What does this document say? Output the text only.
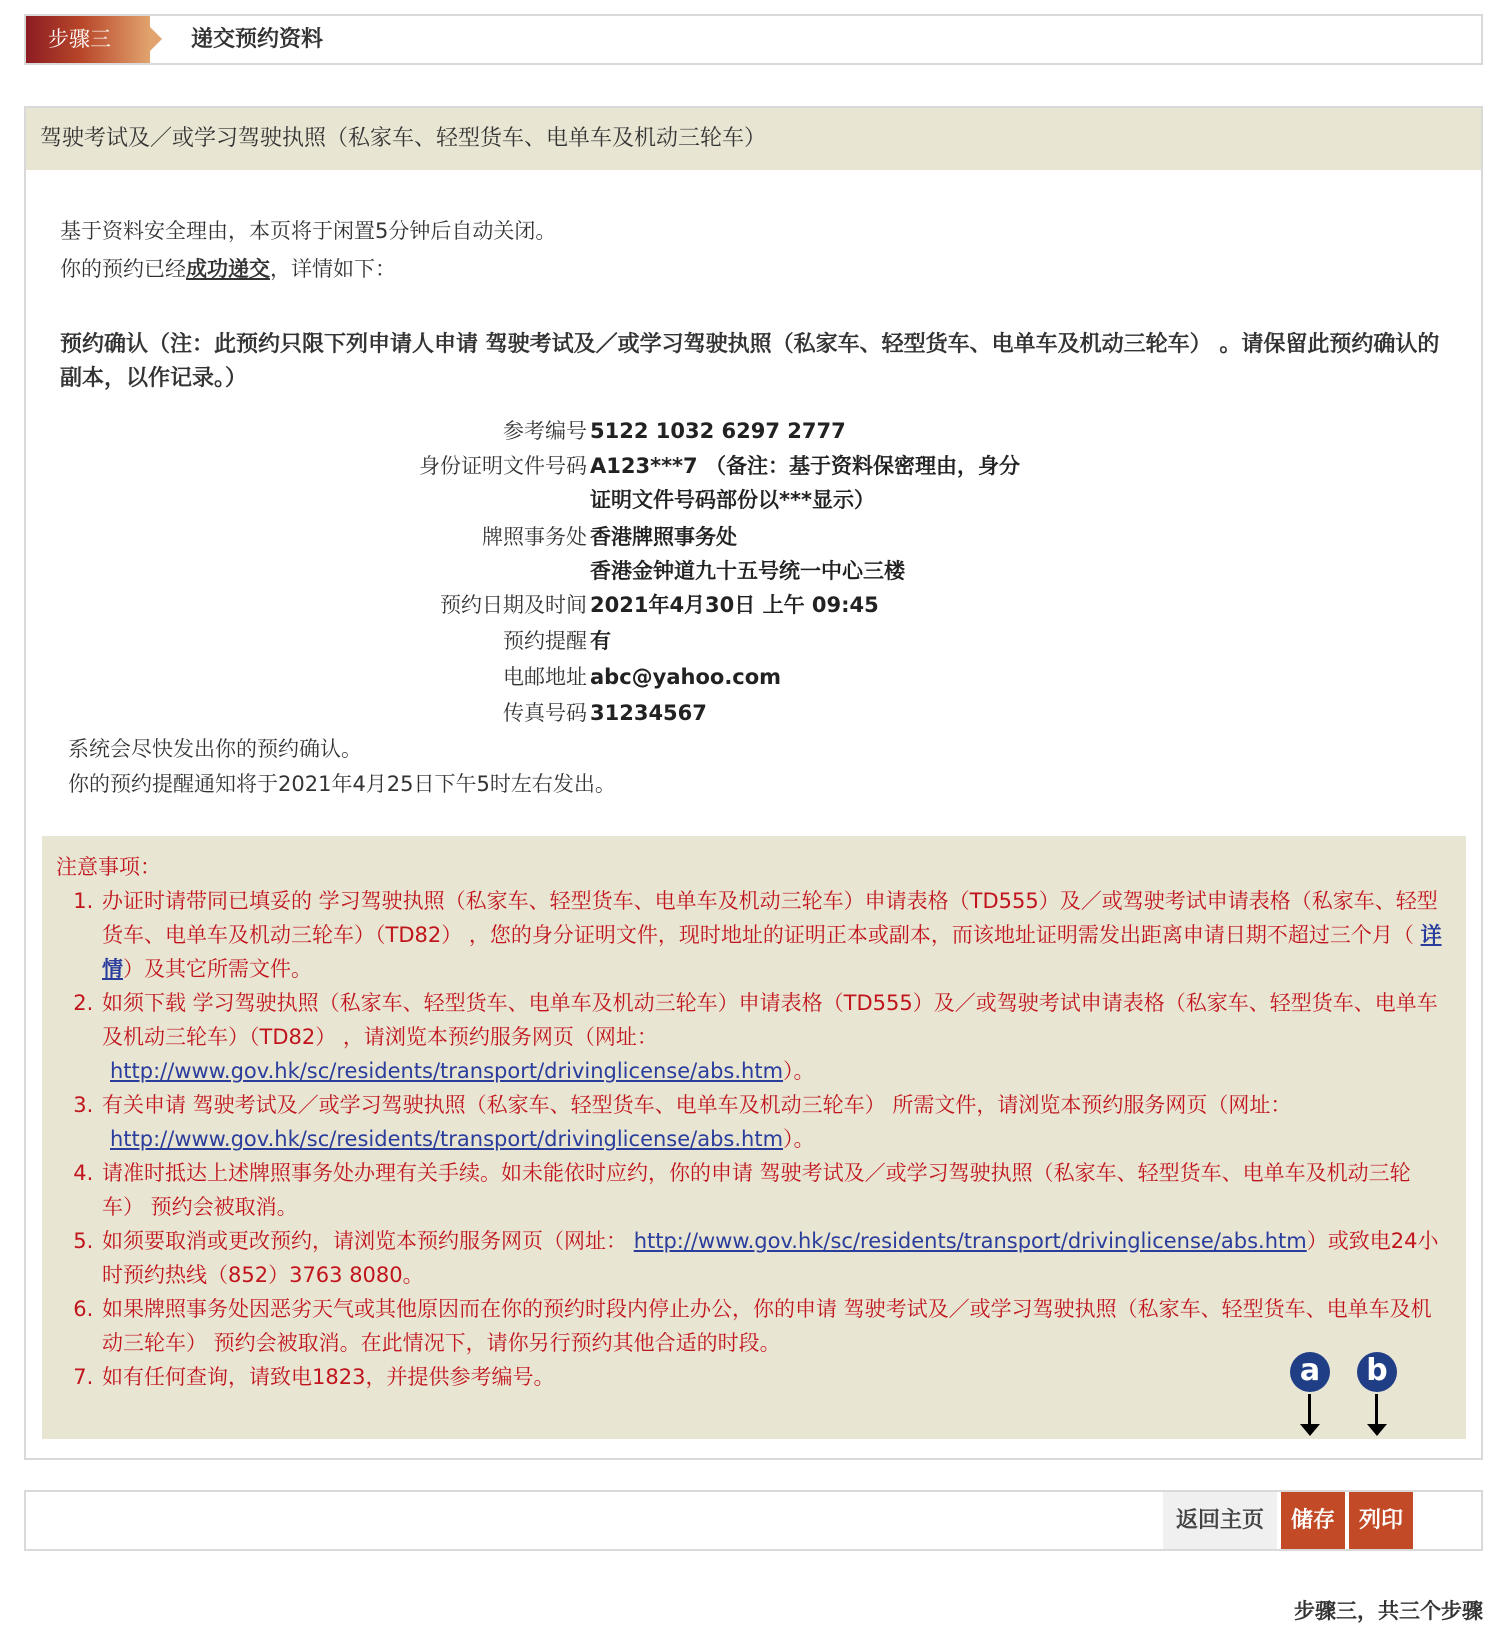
步骤三	递交预约资料
驾驶考试及／或学习驾驶执照（私家车、轻型货车、电单车及机动三轮车）
基于资料安全理由，本页将于闲置5分钟后自动关闭。
你的预约已经成功递交，详情如下：
预约确认（注：此预约只限下列申请人申请 驾驶考试及／或学习驾驶执照（私家车、轻型货车、电单车及机动三轮车） 。请保留此预约确认的副本，以作记录。）
参考编号 5122 1032 6297 2777
身份证明文件号码 A123***7 （备注：基于资料保密理由，身分
证明文件号码部份以***显示）
牌照事务处 香港牌照事务处
香港金钟道九十五号统一中心三楼
预约日期及时间 2021年4月30日 上午 09:45
预约提醒 有
电邮地址 abc@yahoo.com
传真号码 31234567
系统会尽快发出你的预约确认。
你的预约提醒通知将于2021年4月25日下午5时左右发出。
注意事项：
1. 办证时请带同已填妥的 学习驾驶执照（私家车、轻型货车、电单车及机动三轮车）申请表格（TD555）及／或驾驶考试申请表格（私家车、轻型货车、电单车及机动三轮车）（TD82） ，您的身分证明文件，现时地址的证明正本或副本，而该地址证明需发出距离申请日期不超过三个月（ 详情）及其它所需文件。
2. 如须下载 学习驾驶执照（私家车、轻型货车、电单车及机动三轮车）申请表格（TD555）及／或驾驶考试申请表格（私家车、轻型货车、电单车及机动三轮车）（TD82） ，请浏览本预约服务网页（网址：
http://www.gov.hk/sc/residents/transport/drivinglicense/abs.htm）。
3. 有关申请 驾驶考试及／或学习驾驶执照（私家车、轻型货车、电单车及机动三轮车） 所需文件，请浏览本预约服务网页（网址：
http://www.gov.hk/sc/residents/transport/drivinglicense/abs.htm）。
4. 请准时抵达上述牌照事务处办理有关手续。如未能依时应约，你的申请 驾驶考试及／或学习驾驶执照（私家车、轻型货车、电单车及机动三轮车） 预约会被取消。
5. 如须要取消或更改预约，请浏览本预约服务网页（网址： http://www.gov.hk/sc/residents/transport/drivinglicense/abs.htm）或致电24小时预约热线（852）3763 8080。
6. 如果牌照事务处因恶劣天气或其他原因而在你的预约时段内停止办公，你的申请 驾驶考试及／或学习驾驶执照（私家车、轻型货车、电单车及机动三轮车） 预约会被取消。在此情况下，请你另行预约其他合适的时段。
7. 如有任何查询，请致电1823，并提供参考编号。	a	b
返回主页	储存	列印
步骤三，共三个步骤
